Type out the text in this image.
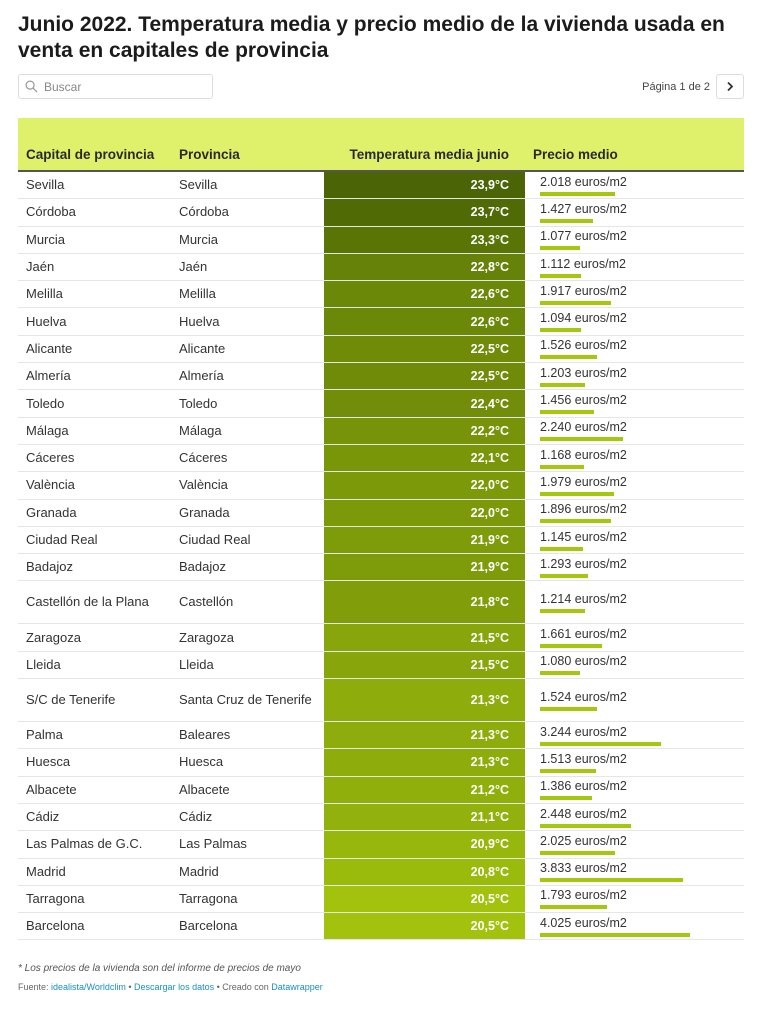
Junio 2022. Temperatura media y precio medio de la vivienda usada en venta en capitales de provincia
Buscar
Página 1 de 2
Capital de provincia	Provincia	Temperatura media junio	Precio medio
Sevilla	Sevilla	23,9°C 2.018 euros/m2
Córdoba	Córdoba	23,7°C 1.427 euros/m2
Murcia	Murcia	23,3°C 1.077 euros/m2
Jaén	Jaén	22,8°C 1.112 euros/m2
Melilla	Melilla	22,6°C 1.917 euros/m2
Huelva	Huelva	22,6°C 1.094 euros/m2
Alicante	Alicante	22,5°C 1.526 euros/m2
Almería	Almería	22,5°C 1.203 euros/m2
Toledo	Toledo	22,4°C 1.456 euros/m2
Málaga	Málaga	22,2°C 2.240 euros/m2
Cáceres	Cáceres	22,1°C 1.168 euros/m2
València	València	22,0°C 1.979 euros/m2
Granada	Granada	22,0°C 1.896 euros/m2
Ciudad Real	Ciudad Real	21,9°C 1.145 euros/m2
Badajoz	Badajoz	21,9°C 1.293 euros/m2
Castellón de la Plana	Castellón	21,8°C 1.214 euros/m2
Zaragoza	Zaragoza	21,5°C 1.661 euros/m2
Lleida	Lleida	21,5°C 1.080 euros/m2
S/C de Tenerife	Santa Cruz de Tenerife	21,3°C 1.524 euros/m2
Palma	Baleares	21,3°C 3.244 euros/m2
Huesca	Huesca	21,3°C 1.513 euros/m2
Albacete	Albacete	21,2°C 1.386 euros/m2
Cádiz	Cádiz	21,1°C 2.448 euros/m2
Las Palmas de G.C.	Las Palmas	20,9°C 2.025 euros/m2
Madrid	Madrid	20,8°C 3.833 euros/m2
Tarragona	Tarragona	20,5°C 1.793 euros/m2
Barcelona	Barcelona	20,5°C 4.025 euros/m2
* Los precios de la vivienda son del informe de precios de mayo
Fuente: idealista/Worldclim • Descargar los datos • Creado con Datawrapper
